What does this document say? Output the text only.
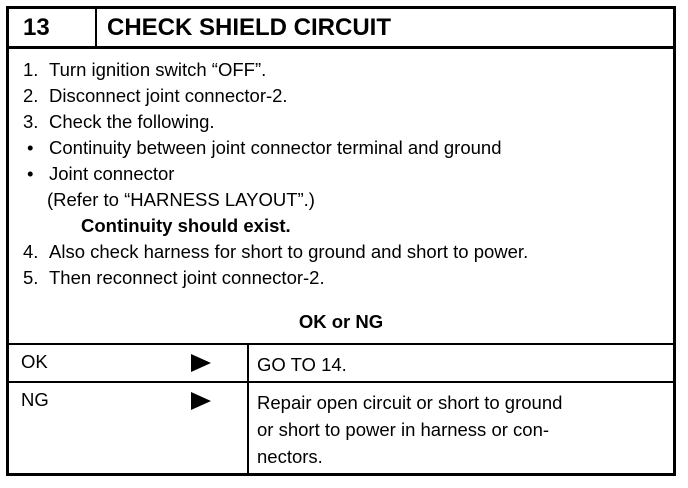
13	CHECK SHIELD CIRCUIT
1. Turn ignition switch “OFF”.
2. Disconnect joint connector-2.
3. Check the following.
• Continuity between joint connector terminal and ground
• Joint connector
(Refer to “HARNESS LAYOUT”.)
Continuity should exist.
4. Also check harness for short to ground and short to power.
5. Then reconnect joint connector-2.
OK or NG
OK	GO TO 14.
NG	Repair open circuit or short to ground
or short to power in harness or con-
nectors.
